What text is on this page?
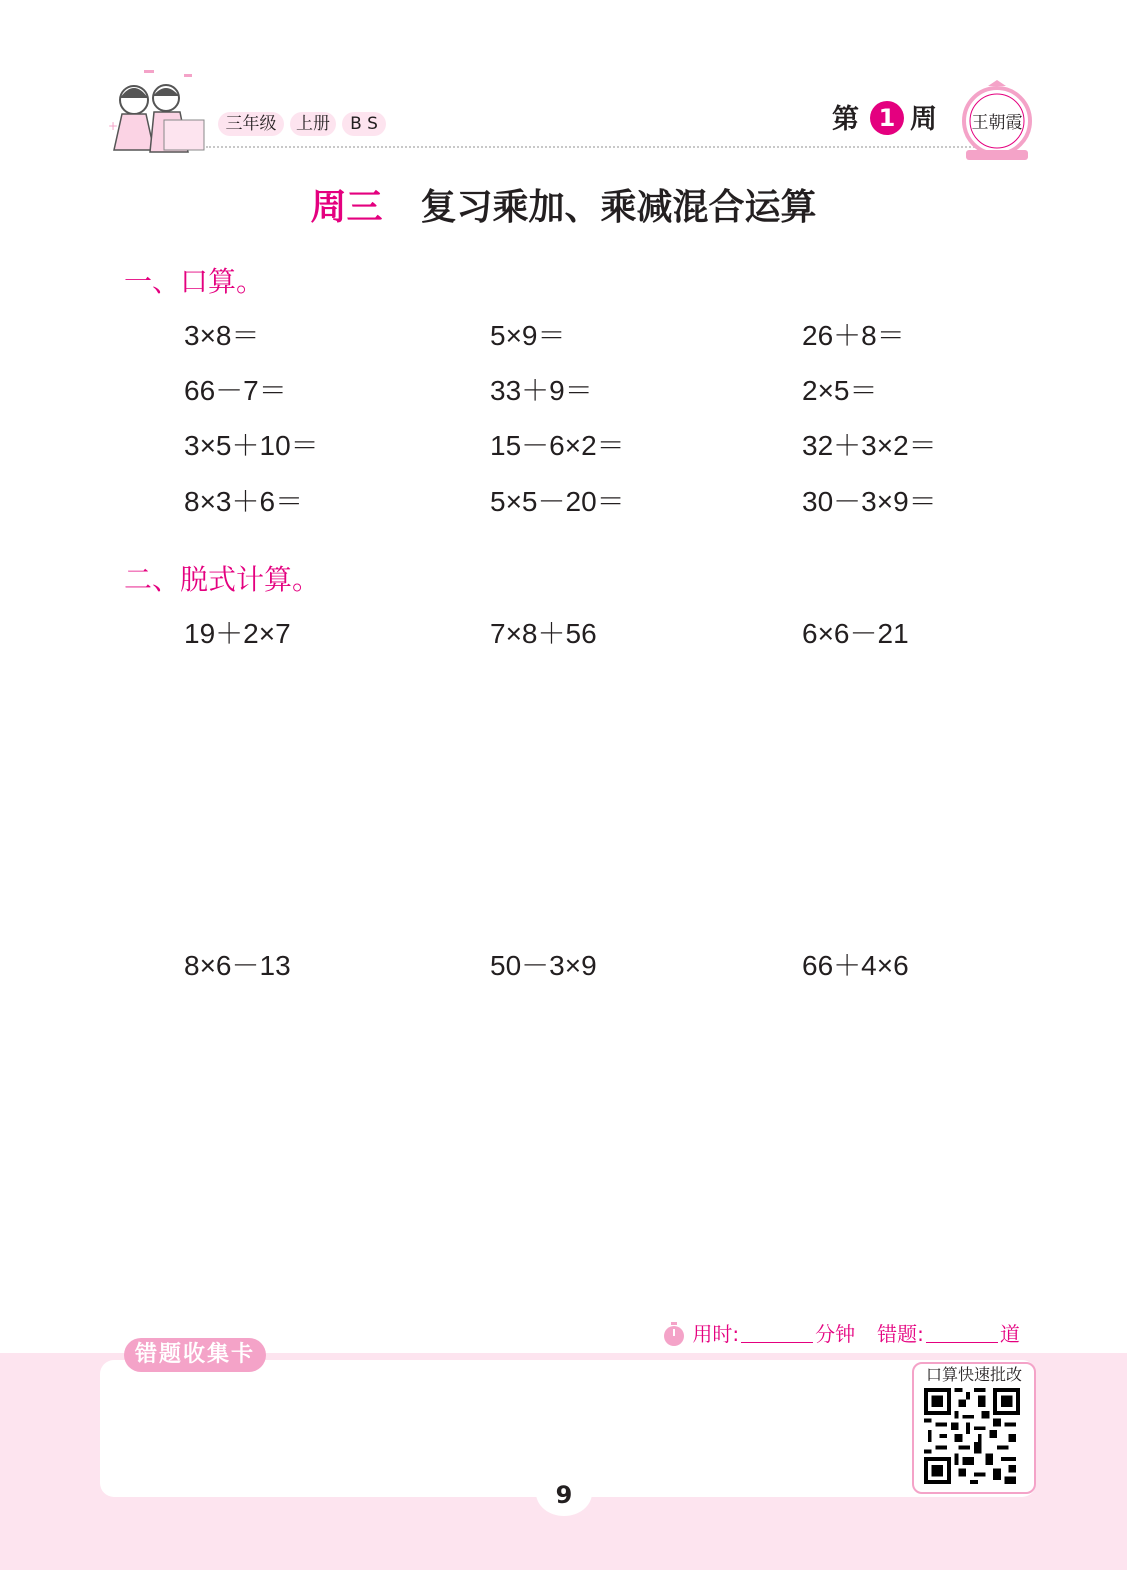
+	三年级	上册	B S	第 1 周 王朝霞
周三 复习乘加、乘减混合运算
一、口算。
3×8＝	5×9＝	26＋8＝
66－7＝	33＋9＝	2×5＝
3×5＋10＝	15－6×2＝	32＋3×2＝
8×3＋6＝	5×5－20＝	30－3×9＝
二、脱式计算。
19＋2×7	7×8＋56	6×6－21
8×6－13	50－3×9	66＋4×6
错题收集卡
用时:	分钟 错题:	道
口算快速批改
9
